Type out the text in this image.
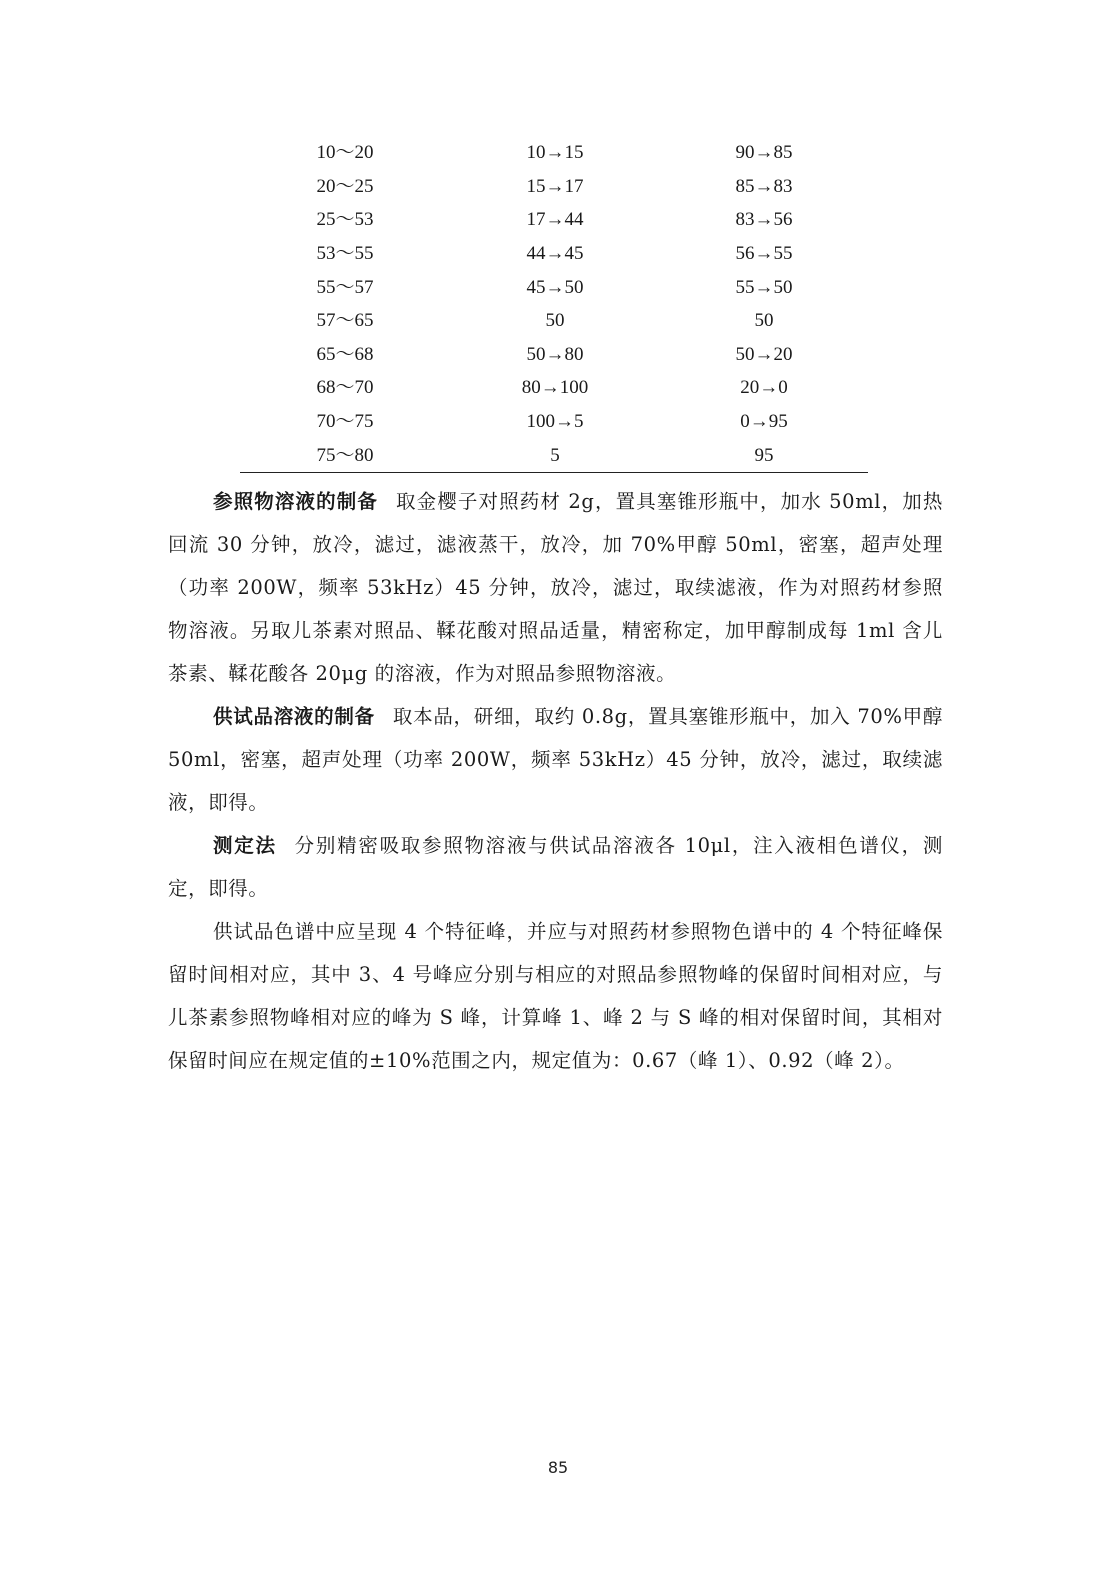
10～20	10→15	90→85
20～25	15→17	85→83
25～53	17→44	83→56
53～55	44→45	56→55
55～57	45→50	55→50
57～65	50	50
65～68	50→80	50→20
68～70	80→100	20→0
70～75	100→5	0→95
75～80	5	95

参照物溶液的制备 取金樱子对照药材 2g，置具塞锥形瓶中，加水 50ml，加热回流 30 分钟，放冷，滤过，滤液蒸干，放冷，加 70%甲醇 50ml，密塞，超声处理（功率 200W，频率 53kHz）45 分钟，放冷，滤过，取续滤液，作为对照药材参照物溶液。另取儿茶素对照品、鞣花酸对照品适量，精密称定，加甲醇制成每 1ml 含儿茶素、鞣花酸各 20μg 的溶液，作为对照品参照物溶液。

供试品溶液的制备 取本品，研细，取约 0.8g，置具塞锥形瓶中，加入 70%甲醇 50ml，密塞，超声处理（功率 200W，频率 53kHz）45 分钟，放冷，滤过，取续滤液，即得。

测定法 分别精密吸取参照物溶液与供试品溶液各 10μl，注入液相色谱仪，测定，即得。

供试品色谱中应呈现 4 个特征峰，并应与对照药材参照物色谱中的 4 个特征峰保留时间相对应，其中 3、4 号峰应分别与相应的对照品参照物峰的保留时间相对应，与儿茶素参照物峰相对应的峰为 S 峰，计算峰 1、峰 2 与 S 峰的相对保留时间，其相对保留时间应在规定值的±10%范围之内，规定值为：0.67（峰 1）、0.92（峰 2）。

85
